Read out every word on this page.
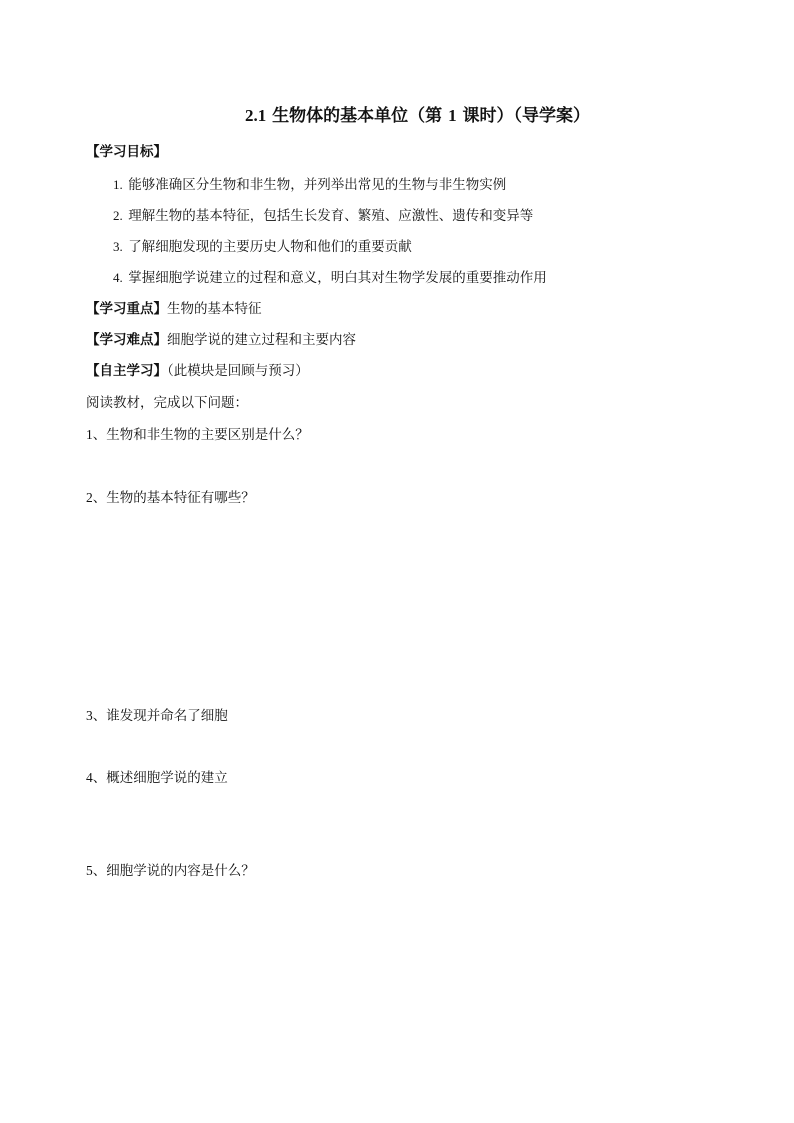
2.1 生物体的基本单位（第 1 课时）（导学案）
【学习目标】
1. 能够准确区分生物和非生物，并列举出常见的生物与非生物实例
2. 理解生物的基本特征，包括生长发育、繁殖、应激性、遗传和变异等
3. 了解细胞发现的主要历史人物和他们的重要贡献
4. 掌握细胞学说建立的过程和意义，明白其对生物学发展的重要推动作用
【学习重点】生物的基本特征
【学习难点】细胞学说的建立过程和主要内容
【自主学习】（此模块是回顾与预习）
阅读教材，完成以下问题：
1、生物和非生物的主要区别是什么？
2、生物的基本特征有哪些？
3、谁发现并命名了细胞
4、概述细胞学说的建立
5、细胞学说的内容是什么？
